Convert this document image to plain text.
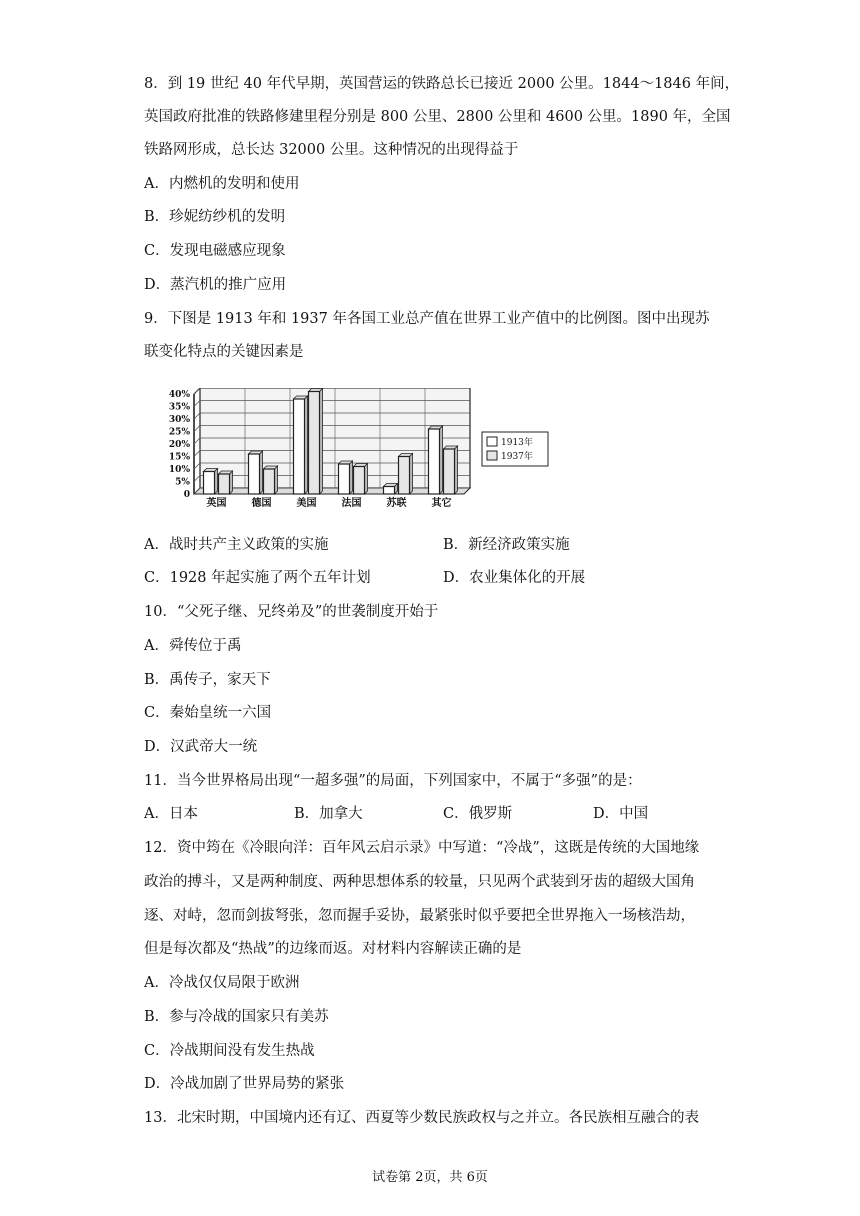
8．到 19 世纪 40 年代早期，英国营运的铁路总长已接近 2000 公里。1844～1846 年间，
英国政府批准的铁路修建里程分别是 800 公里、2800 公里和 4600 公里。1890 年，全国
铁路网形成，总长达 32000 公里。这种情况的出现得益于
A．内燃机的发明和使用
B．珍妮纺纱机的发明
C．发现电磁感应现象
D．蒸汽机的推广应用
9．下图是 1913 年和 1937 年各国工业总产值在世界工业产值中的比例图。图中出现苏
联变化特点的关键因素是
0
5%
10%
15%
20%
25%
30%
35%
40%
英国	德国	美国	法国	苏联	其它
1913年
1937年
A．战时共产主义政策的实施	B．新经济政策实施
C．1928 年起实施了两个五年计划	D．农业集体化的开展
10．“父死子继、兄终弟及”的世袭制度开始于
A．舜传位于禹
B．禹传子，家天下
C．秦始皇统一六国
D．汉武帝大一统
11．当今世界格局出现“一超多强”的局面，下列国家中，不属于“多强”的是：
A．日本	B．加拿大	C．俄罗斯	D．中国
12．资中筠在《冷眼向洋：百年风云启示录》中写道：“冷战”，这既是传统的大国地缘
政治的搏斗，又是两种制度、两种思想体系的较量，只见两个武装到牙齿的超级大国角
逐、对峙，忽而剑拔弩张，忽而握手妥协，最紧张时似乎要把全世界拖入一场核浩劫，
但是每次都及“热战”的边缘而返。对材料内容解读正确的是
A．冷战仅仅局限于欧洲
B．参与冷战的国家只有美苏
C．冷战期间没有发生热战
D．冷战加剧了世界局势的紧张
13．北宋时期，中国境内还有辽、西夏等少数民族政权与之并立。各民族相互融合的表
试卷第 2页，共 6页
